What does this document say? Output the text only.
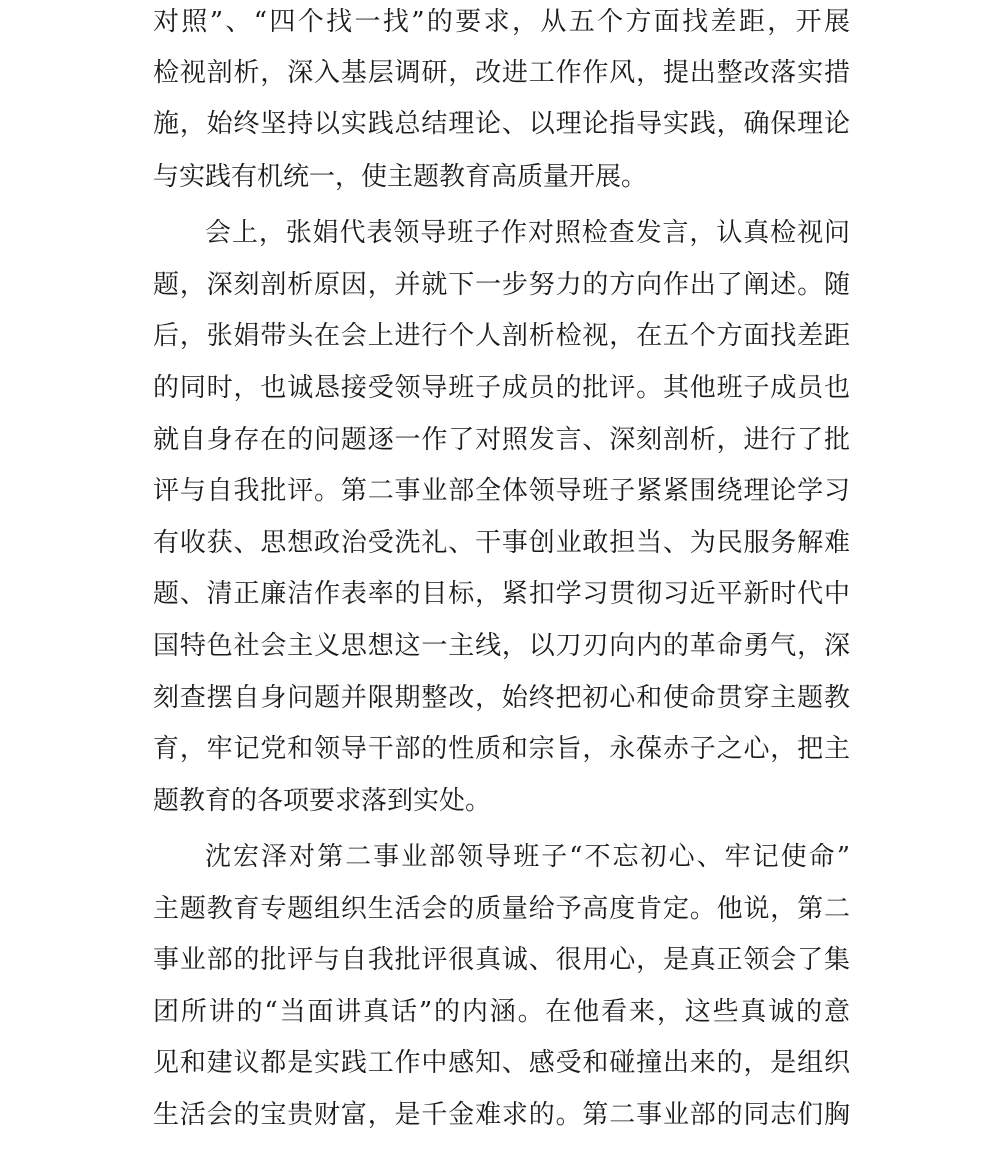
对照”、“四个找一找”的要求，从五个方面找差距，开展
检视剖析，深入基层调研，改进工作作风，提出整改落实措
施，始终坚持以实践总结理论、以理论指导实践，确保理论
与实践有机统一，使主题教育高质量开展。
会上，张娟代表领导班子作对照检查发言，认真检视问
题，深刻剖析原因，并就下一步努力的方向作出了阐述。随
后，张娟带头在会上进行个人剖析检视，在五个方面找差距
的同时，也诚恳接受领导班子成员的批评。其他班子成员也
就自身存在的问题逐一作了对照发言、深刻剖析，进行了批
评与自我批评。第二事业部全体领导班子紧紧围绕理论学习
有收获、思想政治受洗礼、干事创业敢担当、为民服务解难
题、清正廉洁作表率的目标，紧扣学习贯彻习近平新时代中
国特色社会主义思想这一主线，以刀刃向内的革命勇气，深
刻查摆自身问题并限期整改，始终把初心和使命贯穿主题教
育，牢记党和领导干部的性质和宗旨，永葆赤子之心，把主
题教育的各项要求落到实处。
沈宏泽对第二事业部领导班子“不忘初心、牢记使命”
主题教育专题组织生活会的质量给予高度肯定。他说，第二
事业部的批评与自我批评很真诚、很用心，是真正领会了集
团所讲的“当面讲真话”的内涵。在他看来，这些真诚的意
见和建议都是实践工作中感知、感受和碰撞出来的，是组织
生活会的宝贵财富，是千金难求的。第二事业部的同志们胸
